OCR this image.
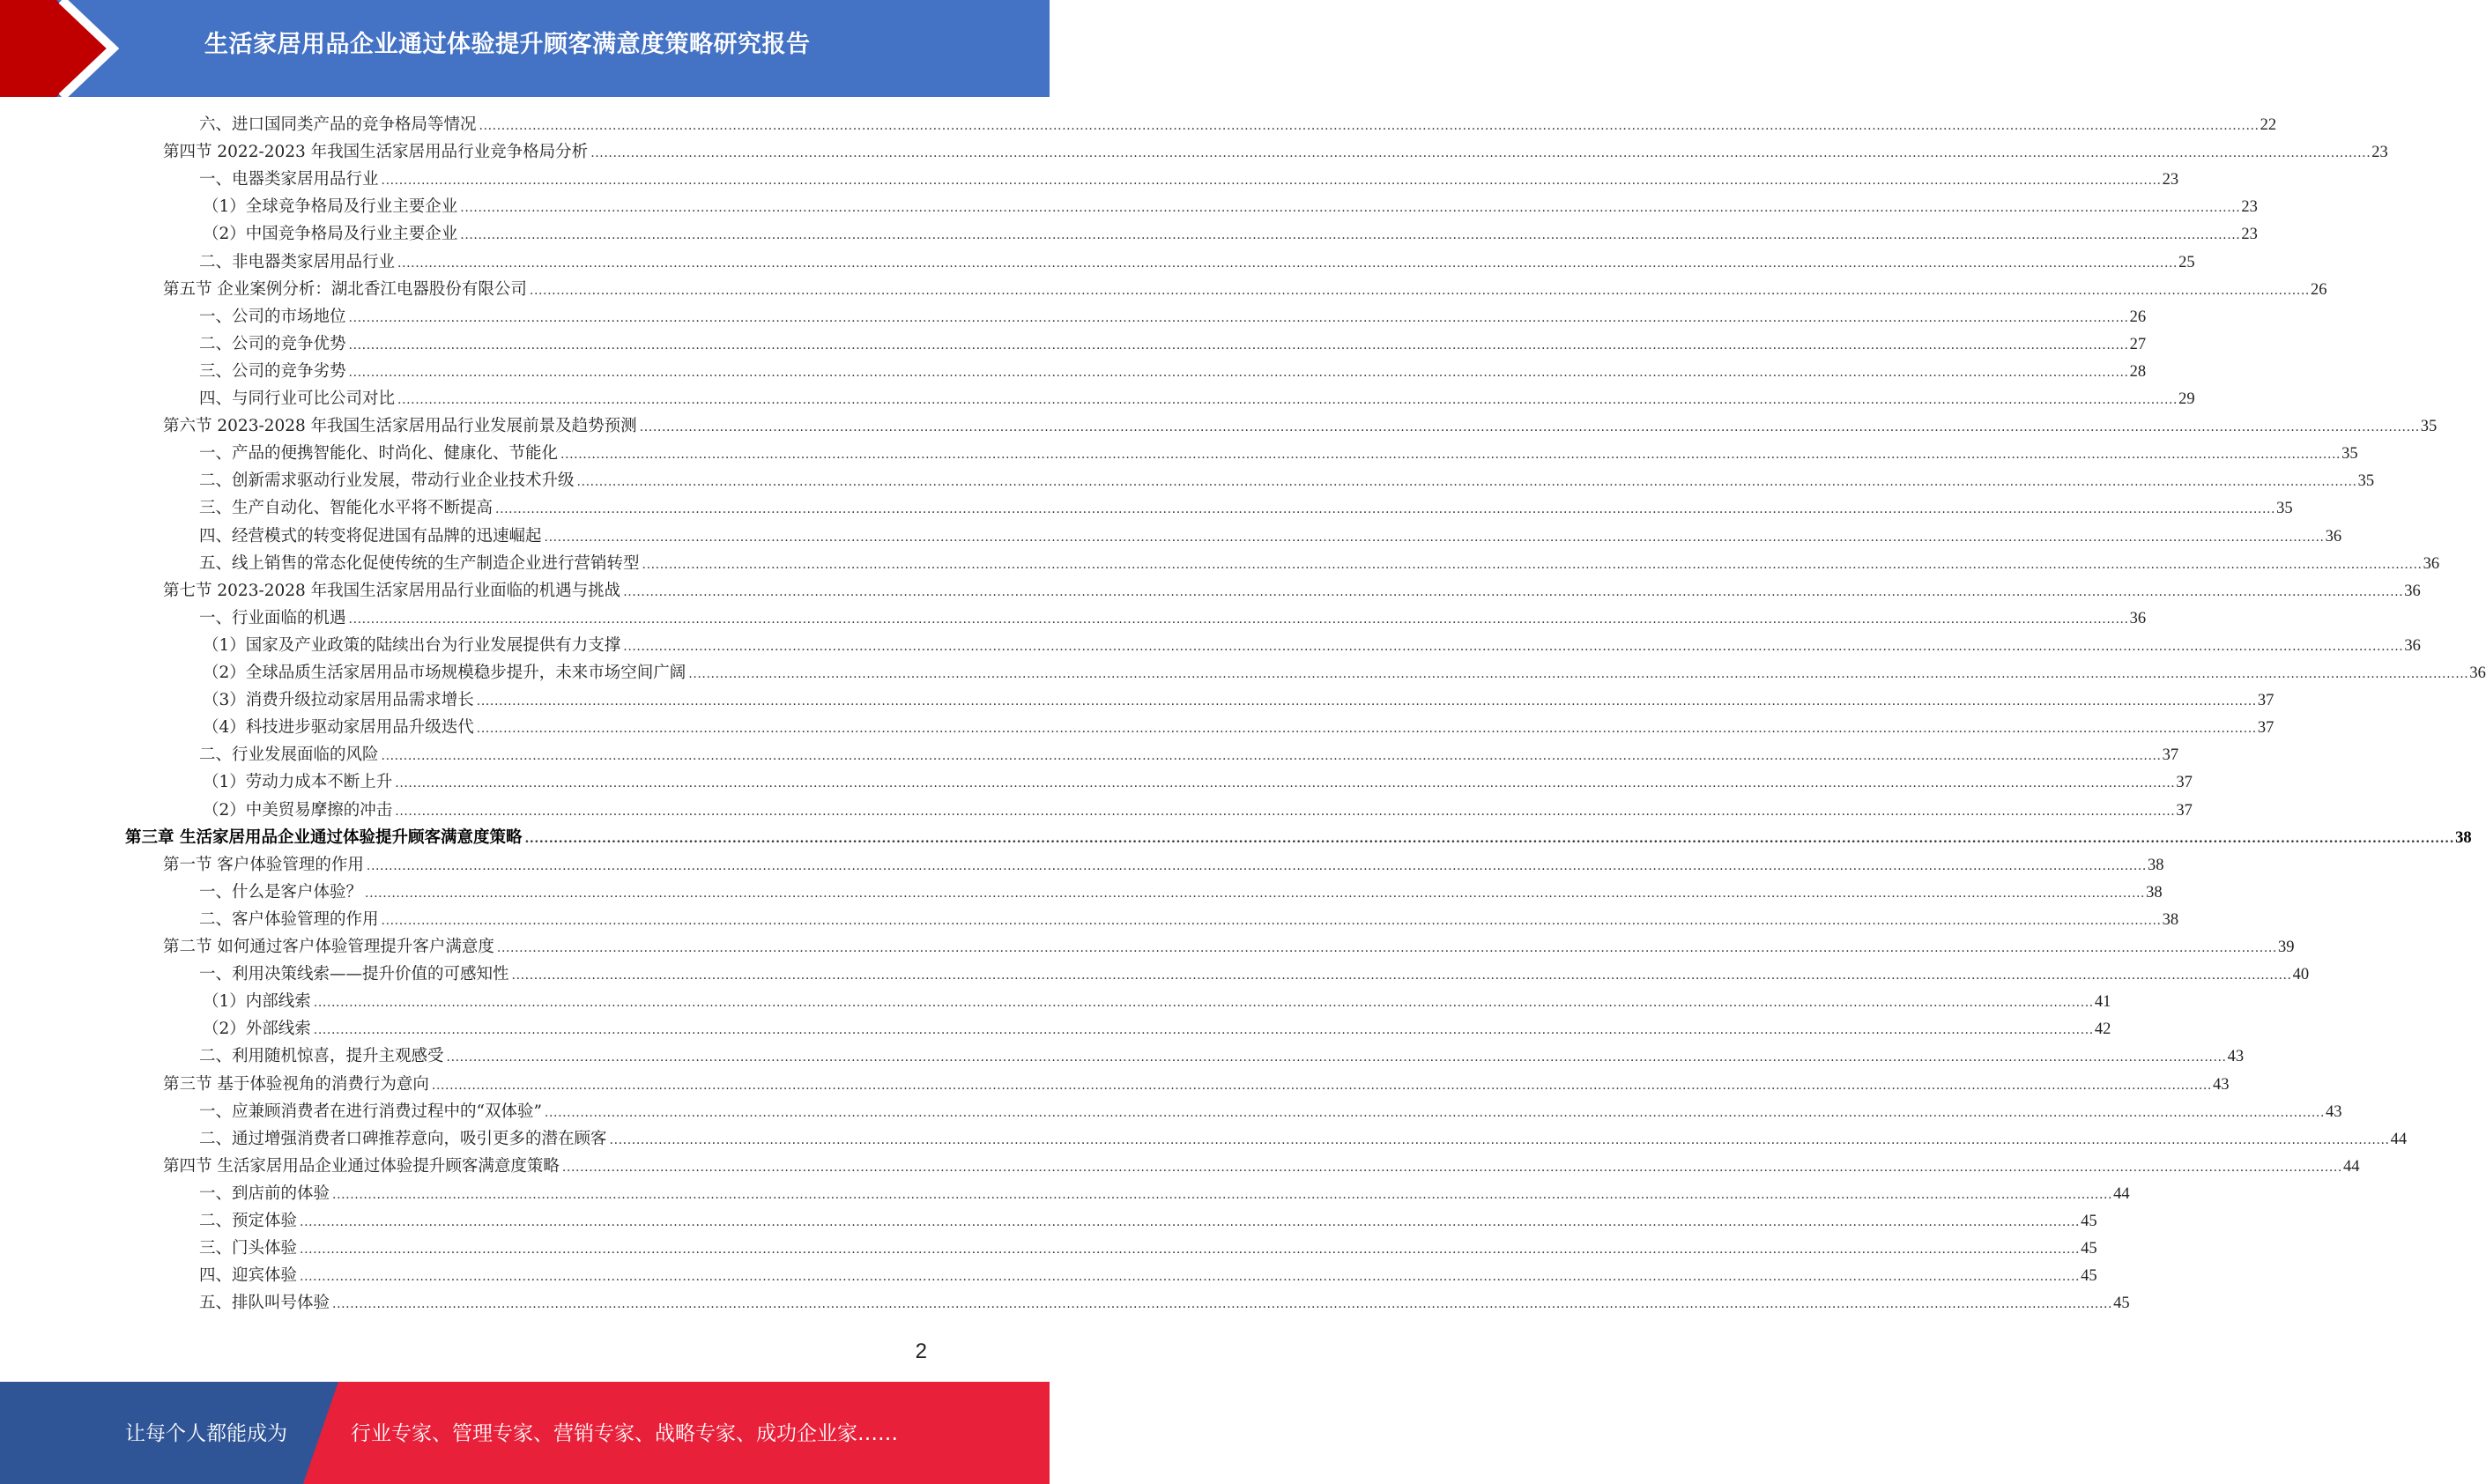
生活家居用品企业通过体验提升顾客满意度策略研究报告
六、进口国同类产品的竞争格局等情况 ................................................................................................................................................................................................................................................................................................................................................................................................................ 22
第四节 2022-2023 年我国生活家居用品行业竞争格局分析 ................................................................................................................................................................................................................................................................................................................................................................................................................ 23
一、电器类家居用品行业 ................................................................................................................................................................................................................................................................................................................................................................................................................ 23
（1）全球竞争格局及行业主要企业 ................................................................................................................................................................................................................................................................................................................................................................................................................ 23
（2）中国竞争格局及行业主要企业 ................................................................................................................................................................................................................................................................................................................................................................................................................ 23
二、非电器类家居用品行业 ................................................................................................................................................................................................................................................................................................................................................................................................................ 25
第五节 企业案例分析：湖北香江电器股份有限公司 ................................................................................................................................................................................................................................................................................................................................................................................................................ 26
一、公司的市场地位 ................................................................................................................................................................................................................................................................................................................................................................................................................ 26
二、公司的竞争优势 ................................................................................................................................................................................................................................................................................................................................................................................................................ 27
三、公司的竞争劣势 ................................................................................................................................................................................................................................................................................................................................................................................................................ 28
四、与同行业可比公司对比 ................................................................................................................................................................................................................................................................................................................................................................................................................ 29
第六节 2023-2028 年我国生活家居用品行业发展前景及趋势预测 ................................................................................................................................................................................................................................................................................................................................................................................................................ 35
一、产品的便携智能化、时尚化、健康化、节能化 ................................................................................................................................................................................................................................................................................................................................................................................................................ 35
二、创新需求驱动行业发展，带动行业企业技术升级 ................................................................................................................................................................................................................................................................................................................................................................................................................ 35
三、生产自动化、智能化水平将不断提高 ................................................................................................................................................................................................................................................................................................................................................................................................................ 35
四、经营模式的转变将促进国有品牌的迅速崛起 ................................................................................................................................................................................................................................................................................................................................................................................................................ 36
五、线上销售的常态化促使传统的生产制造企业进行营销转型 ................................................................................................................................................................................................................................................................................................................................................................................................................ 36
第七节 2023-2028 年我国生活家居用品行业面临的机遇与挑战 ................................................................................................................................................................................................................................................................................................................................................................................................................ 36
一、行业面临的机遇 ................................................................................................................................................................................................................................................................................................................................................................................................................ 36
（1）国家及产业政策的陆续出台为行业发展提供有力支撑 ................................................................................................................................................................................................................................................................................................................................................................................................................ 36
（2）全球品质生活家居用品市场规模稳步提升，未来市场空间广阔 ................................................................................................................................................................................................................................................................................................................................................................................................................ 36
（3）消费升级拉动家居用品需求增长 ................................................................................................................................................................................................................................................................................................................................................................................................................ 37
（4）科技进步驱动家居用品升级迭代 ................................................................................................................................................................................................................................................................................................................................................................................................................ 37
二、行业发展面临的风险 ................................................................................................................................................................................................................................................................................................................................................................................................................ 37
（1）劳动力成本不断上升 ................................................................................................................................................................................................................................................................................................................................................................................................................ 37
（2）中美贸易摩擦的冲击 ................................................................................................................................................................................................................................................................................................................................................................................................................ 37
第三章 生活家居用品企业通过体验提升顾客满意度策略 ................................................................................................................................................................................................................................................................................................................................................................................................................ 38
第一节 客户体验管理的作用 ................................................................................................................................................................................................................................................................................................................................................................................................................ 38
一、什么是客户体验？ ................................................................................................................................................................................................................................................................................................................................................................................................................ 38
二、客户体验管理的作用 ................................................................................................................................................................................................................................................................................................................................................................................................................ 38
第二节 如何通过客户体验管理提升客户满意度 ................................................................................................................................................................................................................................................................................................................................................................................................................ 39
一、利用决策线索——提升价值的可感知性 ................................................................................................................................................................................................................................................................................................................................................................................................................ 40
（1）内部线索 ................................................................................................................................................................................................................................................................................................................................................................................................................ 41
（2）外部线索 ................................................................................................................................................................................................................................................................................................................................................................................................................ 42
二、利用随机惊喜，提升主观感受 ................................................................................................................................................................................................................................................................................................................................................................................................................ 43
第三节 基于体验视角的消费行为意向 ................................................................................................................................................................................................................................................................................................................................................................................................................ 43
一、应兼顾消费者在进行消费过程中的“双体验” ................................................................................................................................................................................................................................................................................................................................................................................................................ 43
二、通过增强消费者口碑推荐意向，吸引更多的潜在顾客 ................................................................................................................................................................................................................................................................................................................................................................................................................ 44
第四节 生活家居用品企业通过体验提升顾客满意度策略 ................................................................................................................................................................................................................................................................................................................................................................................................................ 44
一、到店前的体验 ................................................................................................................................................................................................................................................................................................................................................................................................................ 44
二、预定体验 ................................................................................................................................................................................................................................................................................................................................................................................................................ 45
三、门头体验 ................................................................................................................................................................................................................................................................................................................................................................................................................ 45
四、迎宾体验 ................................................................................................................................................................................................................................................................................................................................................................................................................ 45
五、排队叫号体验 ................................................................................................................................................................................................................................................................................................................................................................................................................ 45
2
让每个人都能成为	行业专家、管理专家、营销专家、战略专家、成功企业家……
